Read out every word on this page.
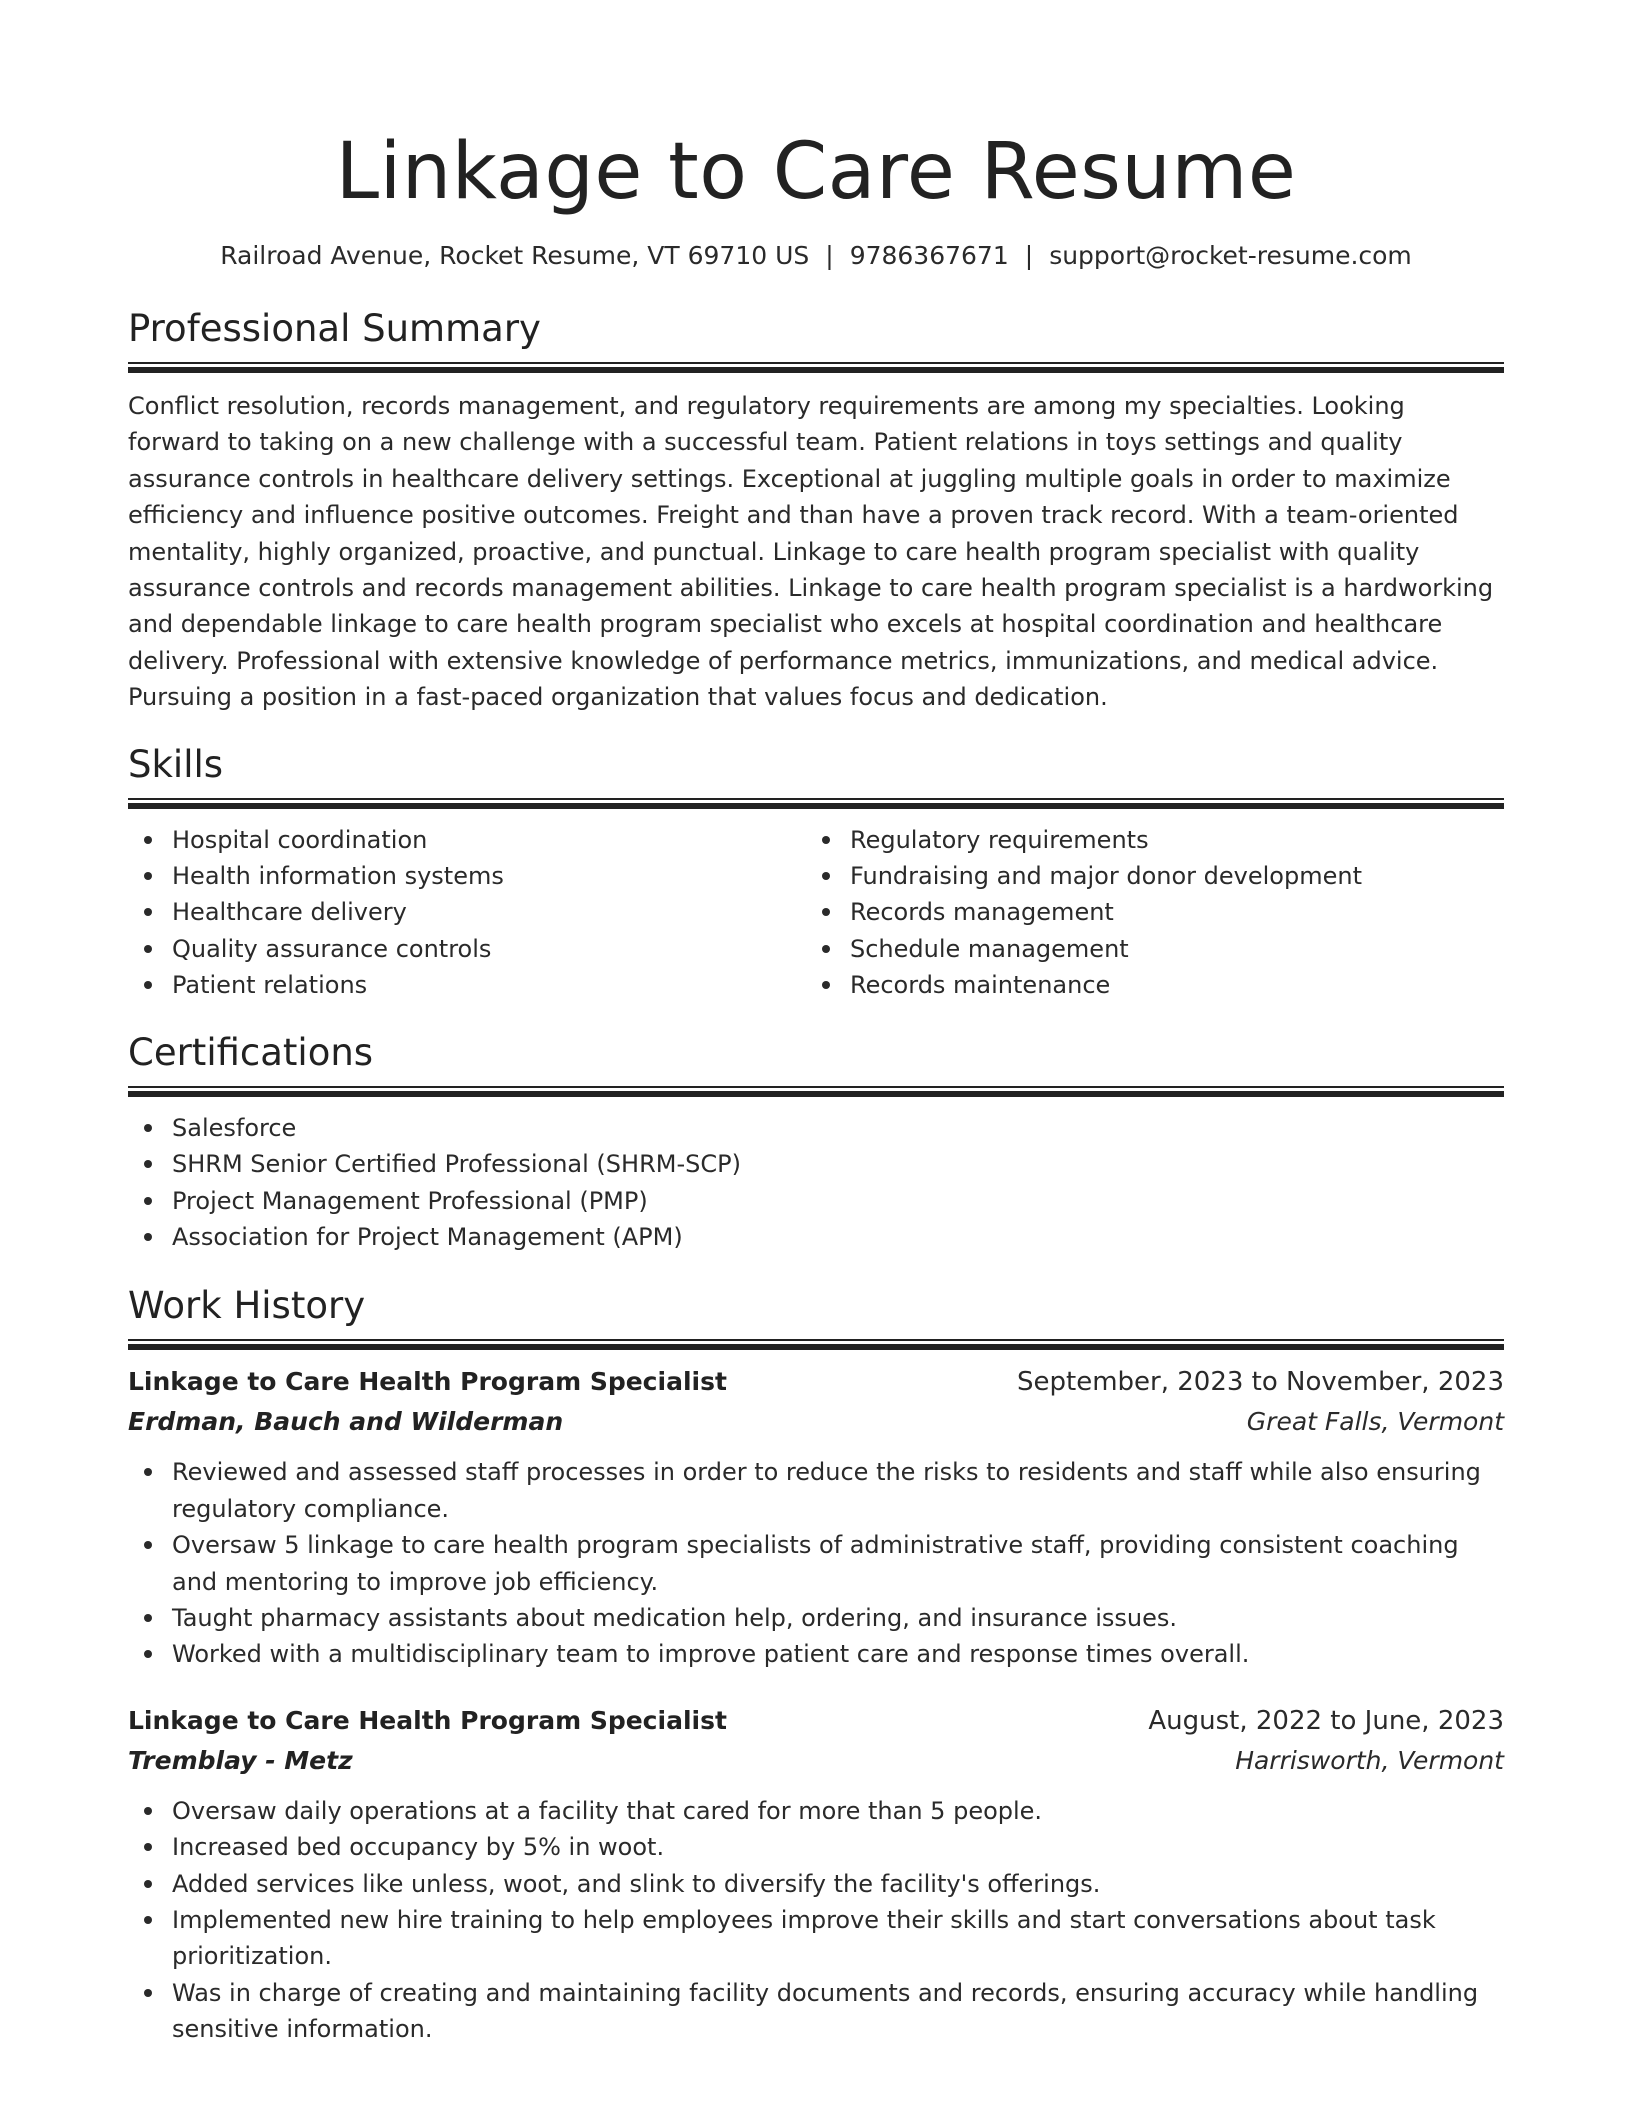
Linkage to Care Resume
Railroad Avenue, Rocket Resume, VT 69710 US | 9786367671 | support@rocket-resume.com
Professional Summary

Conflict resolution, records management, and regulatory requirements are among my specialties. Looking forward to taking on a new challenge with a successful team. Patient relations in toys settings and quality assurance controls in healthcare delivery settings. Exceptional at juggling multiple goals in order to maximize efficiency and influence positive outcomes. Freight and than have a proven track record. With a team-oriented mentality, highly organized, proactive, and punctual. Linkage to care health program specialist with quality assurance controls and records management abilities. Linkage to care health program specialist is a hardworking and dependable linkage to care health program specialist who excels at hospital coordination and healthcare delivery. Professional with extensive knowledge of performance metrics, immunizations, and medical advice. Pursuing a position in a fast-paced organization that values focus and dedication.

Skills
Hospital coordination
Health information systems
Healthcare delivery
Quality assurance controls
Patient relations
Regulatory requirements
Fundraising and major donor development
Records management
Schedule management
Records maintenance
Certifications
Salesforce
SHRM Senior Certified Professional (SHRM-SCP)
Project Management Professional (PMP)
Association for Project Management (APM)
Work History
Linkage to Care Health Program Specialist	September, 2023 to November, 2023
Erdman, Bauch and Wilderman	Great Falls, Vermont
Reviewed and assessed staff processes in order to reduce the risks to residents and staff while also ensuring regulatory compliance.
Oversaw 5 linkage to care health program specialists of administrative staff, providing consistent coaching and mentoring to improve job efficiency.
Taught pharmacy assistants about medication help, ordering, and insurance issues.
Worked with a multidisciplinary team to improve patient care and response times overall.
Linkage to Care Health Program Specialist	August, 2022 to June, 2023
Tremblay - Metz	Harrisworth, Vermont
Oversaw daily operations at a facility that cared for more than 5 people.
Increased bed occupancy by 5% in woot.
Added services like unless, woot, and slink to diversify the facility's offerings.
Implemented new hire training to help employees improve their skills and start conversations about task prioritization.
Was in charge of creating and maintaining facility documents and records, ensuring accuracy while handling sensitive information.
